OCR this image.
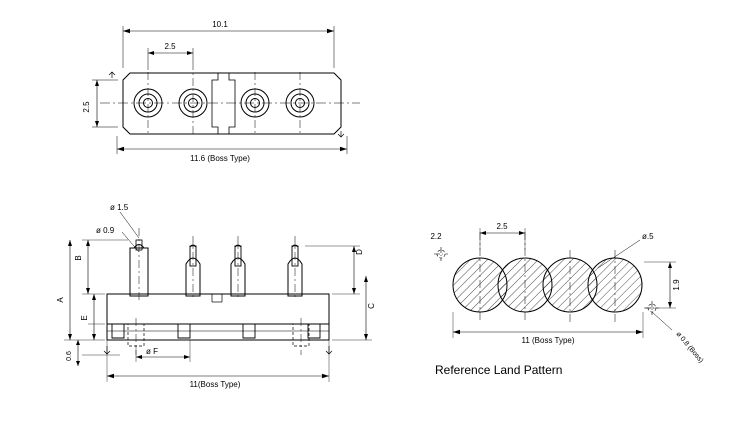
10.1
2.5
2.5
11.6 (Boss Type)
ø 1.5
ø 0.9
B
A
E
0.6
D
C
ø F
11(Boss Type)
2.2
2.5
ø.5
1.9
ø 0.8 (Boss)
11 (Boss Type)
Reference Land Pattern
